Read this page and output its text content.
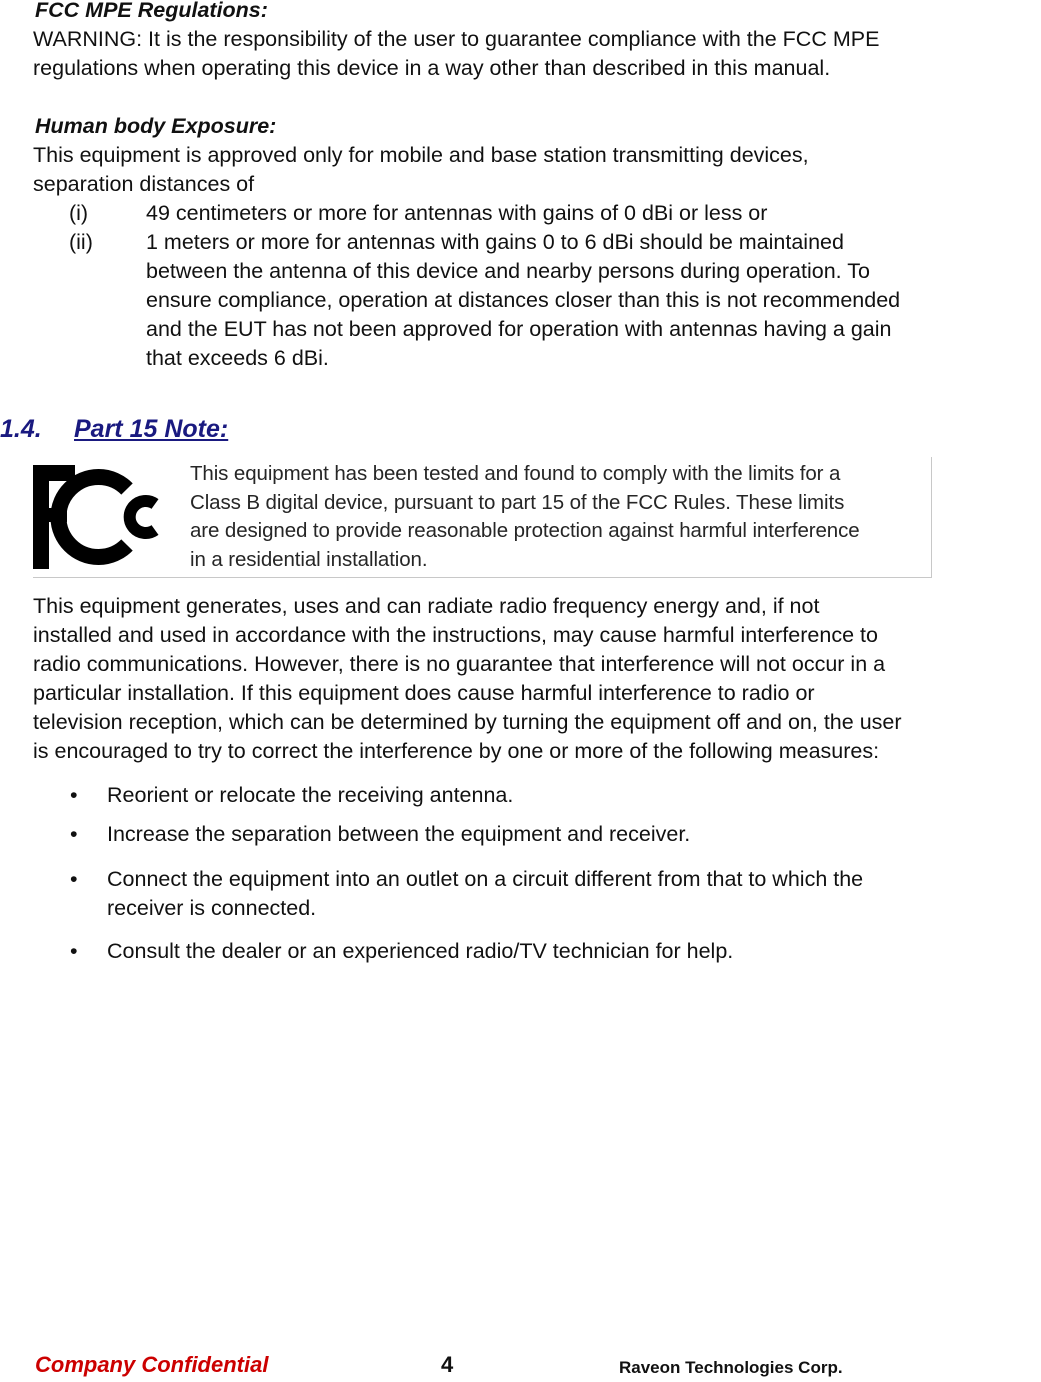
FCC MPE Regulations:
WARNING: It is the responsibility of the user to guarantee compliance with the FCC MPE
regulations when operating this device in a way other than described in this manual.
Human body Exposure:
This equipment is approved only for mobile and base station transmitting devices,
separation distances of
(i)	49 centimeters or more for antennas with gains of 0 dBi or less or
(ii) 1 meters or more for antennas with gains 0 to 6 dBi should be maintained
between the antenna of this device and nearby persons during operation. To
ensure compliance, operation at distances closer than this is not recommended
and the EUT has not been approved for operation with antennas having a gain
that exceeds 6 dBi.
1.4. Part 15 Note:
This equipment has been tested and found to comply with the limits for a
Class B digital device, pursuant to part 15 of the FCC Rules. These limits
are designed to provide reasonable protection against harmful interference
in a residential installation.
This equipment generates, uses and can radiate radio frequency energy and, if not
installed and used in accordance with the instructions, may cause harmful interference to
radio communications. However, there is no guarantee that interference will not occur in a
particular installation. If this equipment does cause harmful interference to radio or
television reception, which can be determined by turning the equipment off and on, the user
is encouraged to try to correct the interference by one or more of the following measures:
• Reorient or relocate the receiving antenna.
• Increase the separation between the equipment and receiver.
• Connect the equipment into an outlet on a circuit different from that to which the
receiver is connected.
• Consult the dealer or an experienced radio/TV technician for help.
Company Confidential	4	Raveon Technologies Corp.
